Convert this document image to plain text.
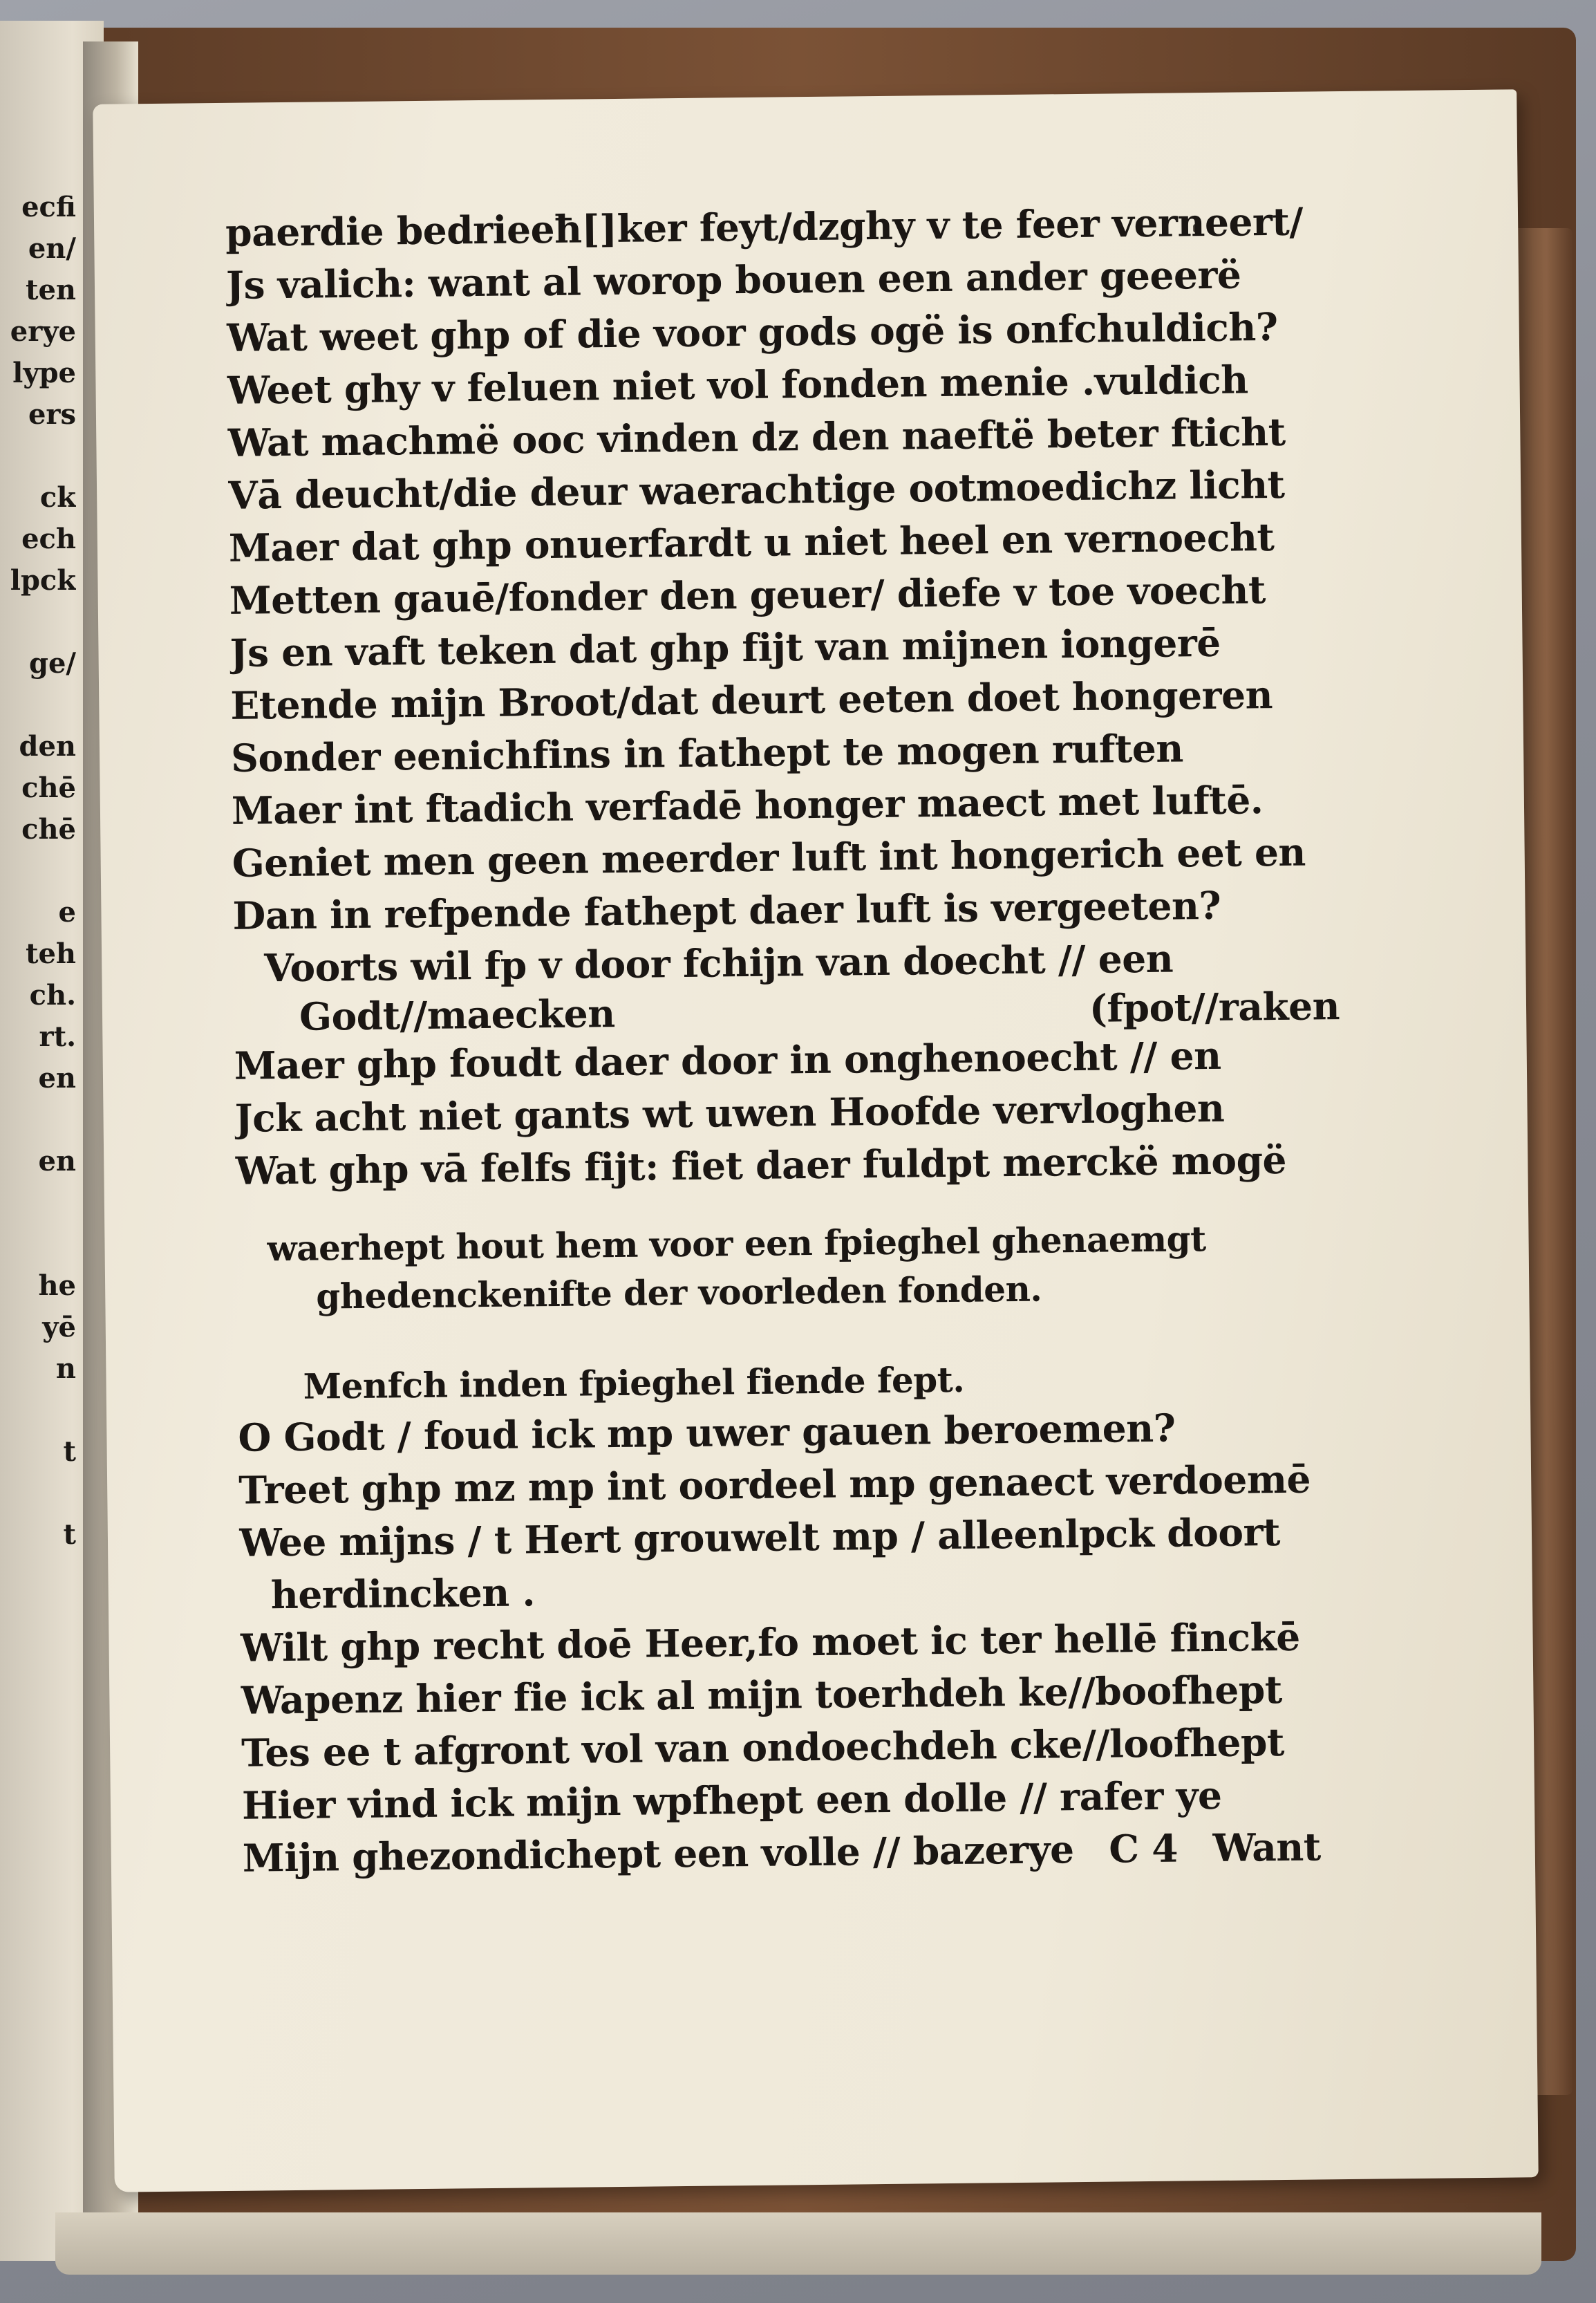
ecfi
en/
ten
erye
lype
ers

ck
ech
lpck

ge/

den
chē
chē

e
teh
ch.
rt.
en

en

he
yē
n

t

t
paerdie bedrieeħ[]ker feyt/dzghy v te feer verneert/
Js valich: want al worop bouen een ander geeerë
Wat weet ghp of die voor gods ogë is onfchuldich?
Weet ghy v feluen niet vol fonden menie .vuldich
Wat machmë ooc vinden dz den naeftë beter fticht
Vā deucht/die deur waerachtige ootmoedichz licht
Maer dat ghp onuerfardt u niet heel en vernoecht
Metten gauē/fonder den geuer/ diefe v toe voecht
Js en vaft teken dat ghp fijt van mijnen iongerē
Etende mijn Broot/dat deurt eeten doet hongeren
Sonder eenichfins in fathept te mogen ruften
Maer int ftadich verfadē honger maect met luftē.
Geniet men geen meerder luft int hongerich eet en
Dan in refpende fathept daer luft is vergeeten?
Voorts wil fp v door fchijn van doecht // een
Godt//maecken	(fpot//raken
Maer ghp foudt daer door in onghenoecht // en
Jck acht niet gants wt uwen Hoofde vervloghen
Wat ghp vā felfs fijt: fiet daer fuldpt merckë mogë
waerhept hout hem voor een fpieghel ghenaemgt
ghedenckenifte der voorleden fonden.
Menfch inden fpieghel fiende fept.
O Godt / foud ick mp uwer gauen beroemen?
Treet ghp mz mp int oordeel mp genaect verdoemē
Wee mijns / t Hert grouwelt mp / alleenlpck doort
herdincken .
Wilt ghp recht doē Heer,fo moet ic ter hellē finckē
Wapenz hier fie ick al mijn toerhdeh ke//boofhept
Tes ee t afgront vol van ondoechdeh cke//loofhept
Hier vind ick mijn wpfhept een dolle // rafer ye
Mijn ghezondichept een volle // bazerye C 4 Want
